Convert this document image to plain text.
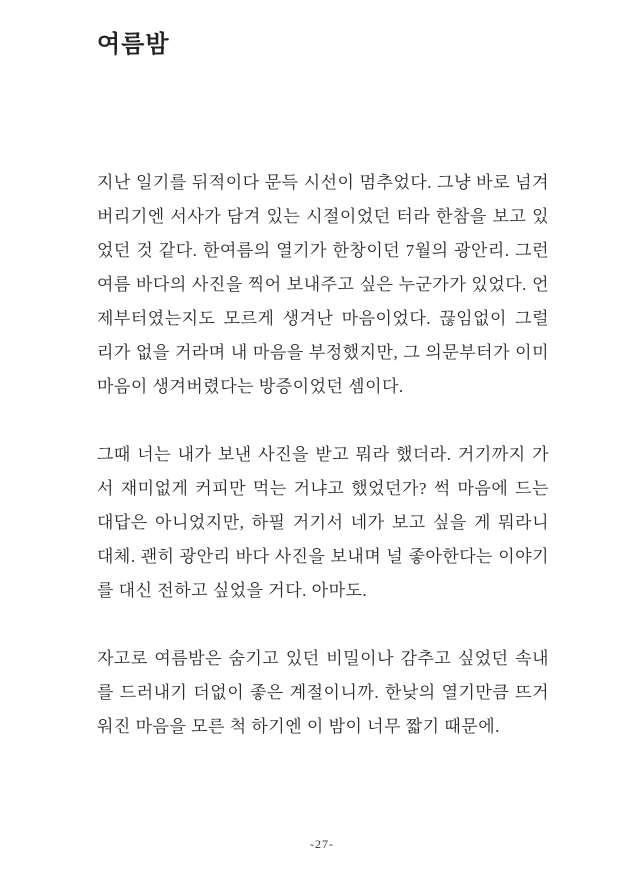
여름밤

지난 일기를 뒤적이다 문득 시선이 멈추었다. 그냥 바로 넘겨 버리기엔 서사가 담겨 있는 시절이었던 터라 한참을 보고 있었던 것 같다. 한여름의 열기가 한창이던 7월의 광안리. 그런 여름 바다의 사진을 찍어 보내주고 싶은 누군가가 있었다. 언제부터였는지도 모르게 생겨난 마음이었다. 끊임없이 그럴 리가 없을 거라며 내 마음을 부정했지만, 그 의문부터가 이미 마음이 생겨버렸다는 방증이었던 셈이다.

그때 너는 내가 보낸 사진을 받고 뭐라 했더라. 거기까지 가서 재미없게 커피만 먹는 거냐고 했었던가? 썩 마음에 드는 대답은 아니었지만, 하필 거기서 네가 보고 싶을 게 뭐라니 대체. 괜히 광안리 바다 사진을 보내며 널 좋아한다는 이야기를 대신 전하고 싶었을 거다. 아마도.

자고로 여름밤은 숨기고 있던 비밀이나 감추고 싶었던 속내를 드러내기 더없이 좋은 계절이니까. 한낮의 열기만큼 뜨거워진 마음을 모른 척 하기엔 이 밤이 너무 짧기 때문에.

-27-
